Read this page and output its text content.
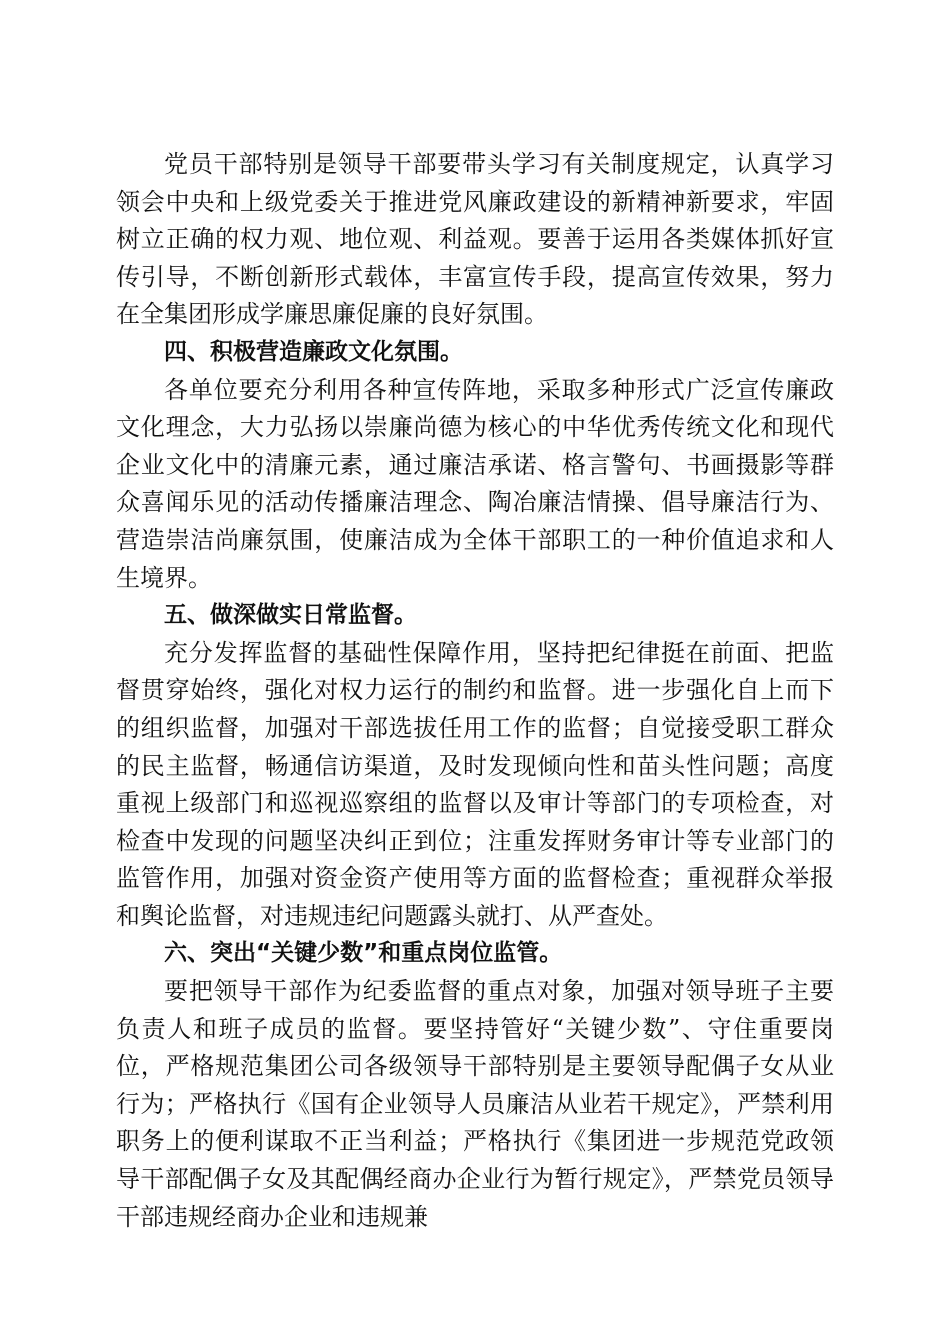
党员干部特别是领导干部要带头学习有关制度规定，认真学习领会中央和上级党委关于推进党风廉政建设的新精神新要求，牢固树立正确的权力观、地位观、利益观。要善于运用各类媒体抓好宣传引导，不断创新形式载体，丰富宣传手段，提高宣传效果，努力在全集团形成学廉思廉促廉的良好氛围。

四、积极营造廉政文化氛围。

各单位要充分利用各种宣传阵地，采取多种形式广泛宣传廉政文化理念，大力弘扬以崇廉尚德为核心的中华优秀传统文化和现代企业文化中的清廉元素，通过廉洁承诺、格言警句、书画摄影等群众喜闻乐见的活动传播廉洁理念、陶冶廉洁情操、倡导廉洁行为、营造崇洁尚廉氛围，使廉洁成为全体干部职工的一种价值追求和人生境界。

五、做深做实日常监督。

充分发挥监督的基础性保障作用，坚持把纪律挺在前面、把监督贯穿始终，强化对权力运行的制约和监督。进一步强化自上而下的组织监督，加强对干部选拔任用工作的监督；自觉接受职工群众的民主监督，畅通信访渠道，及时发现倾向性和苗头性问题；高度重视上级部门和巡视巡察组的监督以及审计等部门的专项检查，对检查中发现的问题坚决纠正到位；注重发挥财务审计等专业部门的监管作用，加强对资金资产使用等方面的监督检查；重视群众举报和舆论监督，对违规违纪问题露头就打、从严查处。

六、突出“关键少数”和重点岗位监管。

要把领导干部作为纪委监督的重点对象，加强对领导班子主要负责人和班子成员的监督。要坚持管好“关键少数”、守住重要岗位，严格规范集团公司各级领导干部特别是主要领导配偶子女从业行为；严格执行《国有企业领导人员廉洁从业若干规定》，严禁利用职务上的便利谋取不正当利益；严格执行《集团进一步规范党政领导干部配偶子女及其配偶经商办企业行为暂行规定》，严禁党员领导干部违规经商办企业和违规兼
